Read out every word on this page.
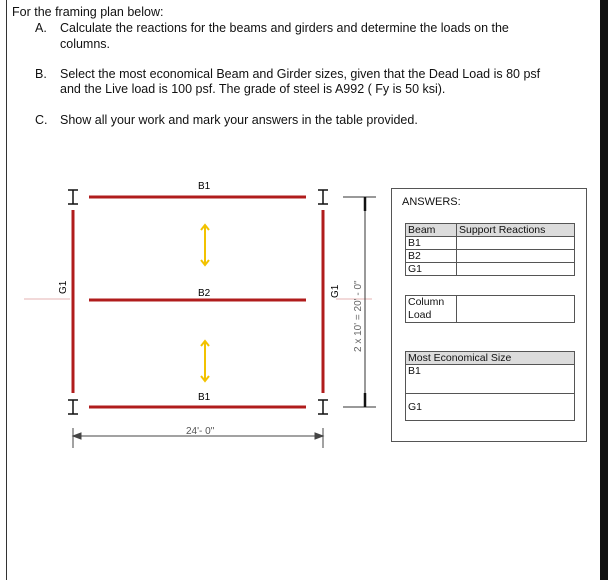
For the framing plan below:
A. Calculate the reactions for the beams and girders and determine the loads on the
columns.
B. Select the most economical Beam and Girder sizes, given that the Dead Load is 80 psf
and the Live load is 100 psf. The grade of steel is A992 ( Fy is 50 ksi).
C. Show all your work and mark your answers in the table provided.
B1
B2
B1
G1	G1
24'- 0"
2 x 10' = 20' - 0"
ANSWERS:
Beam	Support Reactions
B1	
B2	
G1	
Column
Load	
Most Economical Size
B1
G1
